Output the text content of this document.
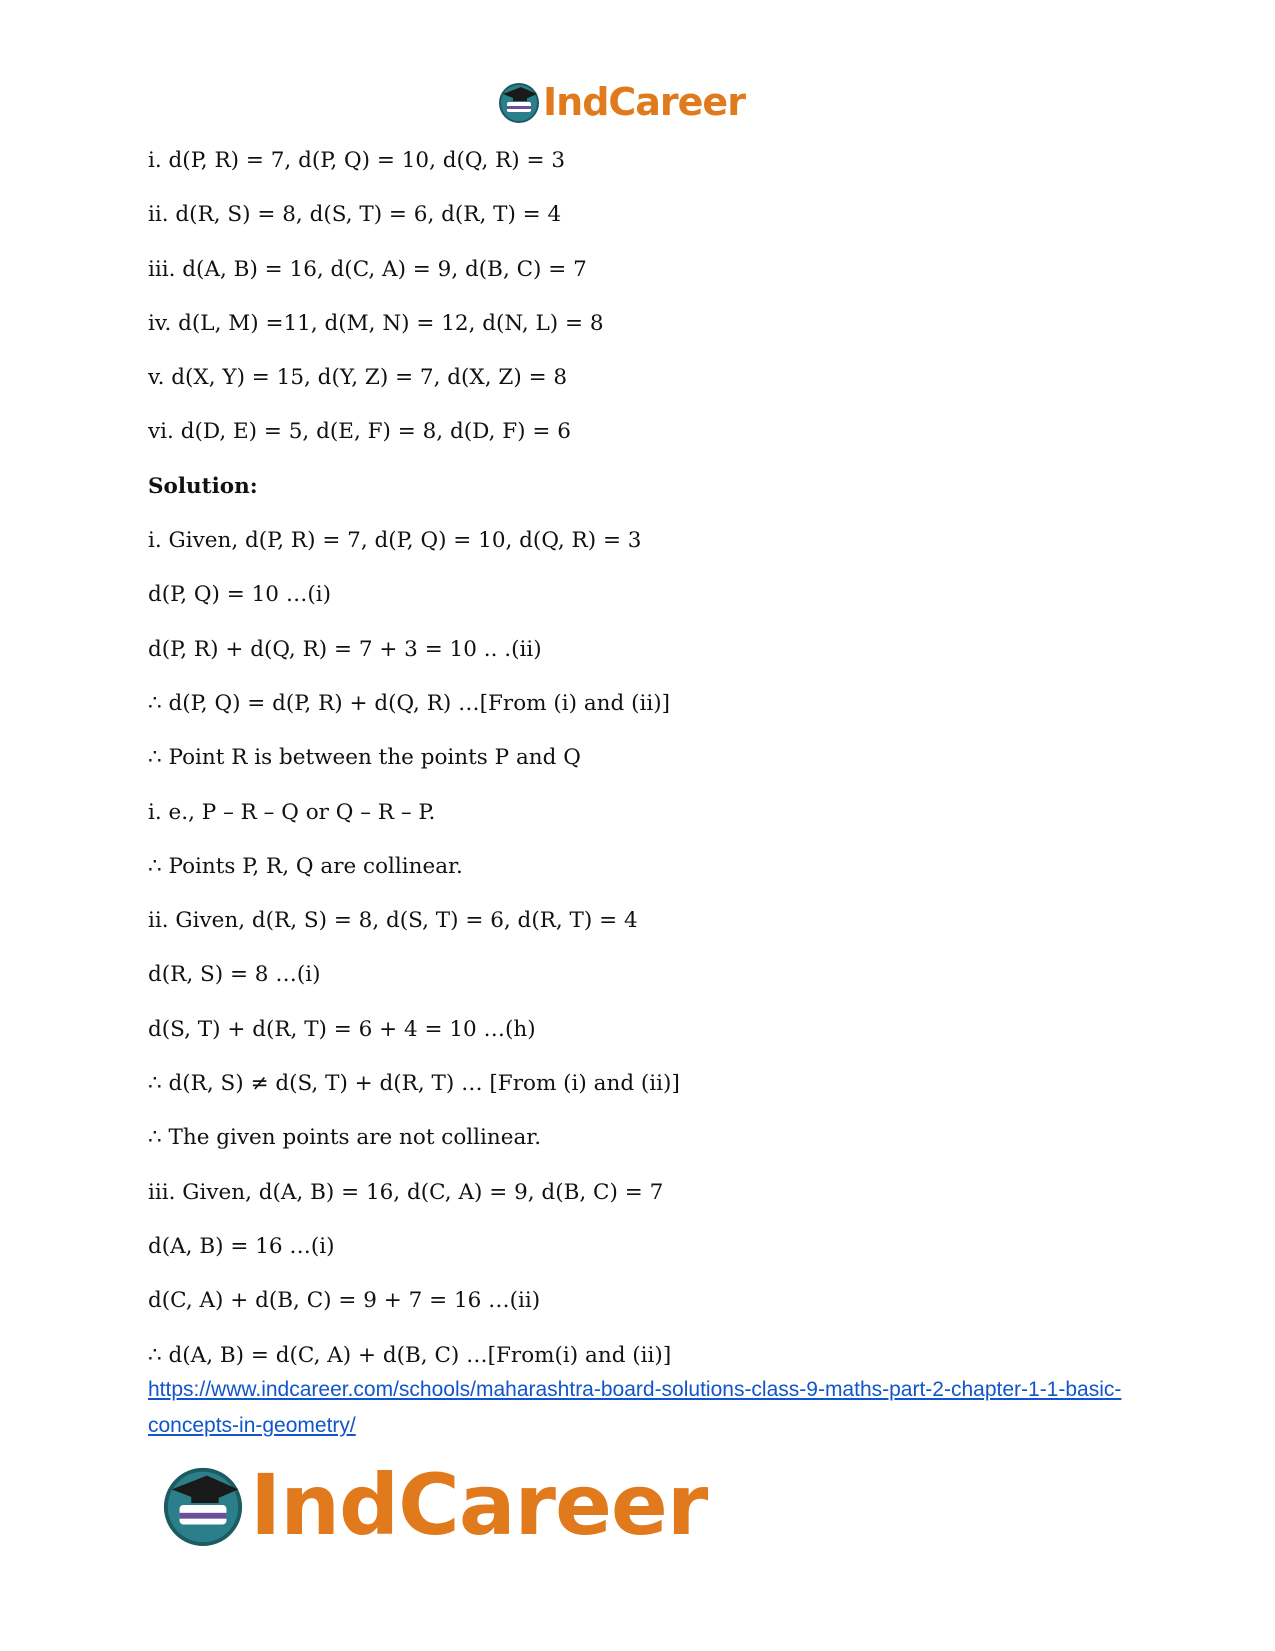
IndCareer
i. d(P, R) = 7, d(P, Q) = 10, d(Q, R) = 3
ii. d(R, S) = 8, d(S, T) = 6, d(R, T) = 4
iii. d(A, B) = 16, d(C, A) = 9, d(B, C) = 7
iv. d(L, M) =11, d(M, N) = 12, d(N, L) = 8
v. d(X, Y) = 15, d(Y, Z) = 7, d(X, Z) = 8
vi. d(D, E) = 5, d(E, F) = 8, d(D, F) = 6
Solution:
i. Given, d(P, R) = 7, d(P, Q) = 10, d(Q, R) = 3
d(P, Q) = 10 …(i)
d(P, R) + d(Q, R) = 7 + 3 = 10 .. .(ii)
∴ d(P, Q) = d(P, R) + d(Q, R) …[From (i) and (ii)]
∴ Point R is between the points P and Q
i. e., P – R – Q or Q – R – P.
∴ Points P, R, Q are collinear.
ii. Given, d(R, S) = 8, d(S, T) = 6, d(R, T) = 4
d(R, S) = 8 …(i)
d(S, T) + d(R, T) = 6 + 4 = 10 …(h)
∴ d(R, S) ≠ d(S, T) + d(R, T) … [From (i) and (ii)]
∴ The given points are not collinear.
iii. Given, d(A, B) = 16, d(C, A) = 9, d(B, C) = 7
d(A, B) = 16 …(i)
d(C, A) + d(B, C) = 9 + 7 = 16 …(ii)
∴ d(A, B) = d(C, A) + d(B, C) …[From(i) and (ii)]
https://www.indcareer.com/schools/maharashtra-board-solutions-class-9-maths-part-2-chapter-1-1-basic-concepts-in-geometry/
IndCareer
